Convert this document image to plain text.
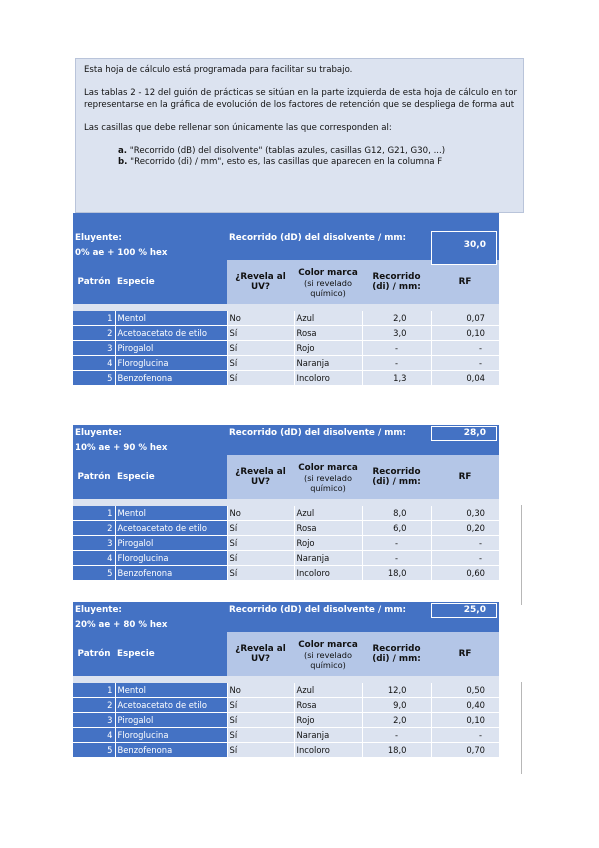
Esta hoja de cálculo está programada para facilitar su trabajo.

Las tablas 2 - 12 del guión de prácticas se sitúan en la parte izquierda de esta hoja de cálculo en tor

representarse en la gráfica de evolución de los factores de retención que se despliega de forma aut

Las casillas que debe rellenar son únicamente las que corresponden al:

a. "Recorrido (dB) del disolvente" (tablas azules, casillas G12, G21, G30, ...)

b. "Recorrido (di) / mm", esto es, las casillas que aparecen en la columna F

Eluyente:	Recorrido (dD) del disolvente / mm:
30,0
0% ae + 100 % hex
Patrón	Especie	¿Revela al UV?	Color marca
(si revelado químico)	Recorrido (di) / mm:	RF

1	Mentol	No	Azul	2,0	0,07
2	Acetoacetato de etilo	Sí	Rosa	3,0	0,10
3	Pirogalol	Sí	Rojo	-	-
4	Floroglucina	Sí	Naranja	-	-
5	Benzofenona	Sí	Incoloro	1,3	0,04
Eluyente:	Recorrido (dD) del disolvente / mm:	28,0
10% ae + 90 % hex
Patrón	Especie	¿Revela al UV?	Color marca
(si revelado químico)	Recorrido (di) / mm:	RF

1	Mentol	No	Azul	8,0	0,30
2	Acetoacetato de etilo	Sí	Rosa	6,0	0,20
3	Pirogalol	Sí	Rojo	-	-
4	Floroglucina	Sí	Naranja	-	-
5	Benzofenona	Sí	Incoloro	18,0	0,60
Eluyente:	Recorrido (dD) del disolvente / mm:	25,0
20% ae + 80 % hex
Patrón	Especie	¿Revela al UV?	Color marca
(si revelado químico)	Recorrido (di) / mm:	RF

1	Mentol	No	Azul	12,0	0,50
2	Acetoacetato de etilo	Sí	Rosa	9,0	0,40
3	Pirogalol	Sí	Rojo	2,0	0,10
4	Floroglucina	Sí	Naranja	-	-
5	Benzofenona	Sí	Incoloro	18,0	0,70
